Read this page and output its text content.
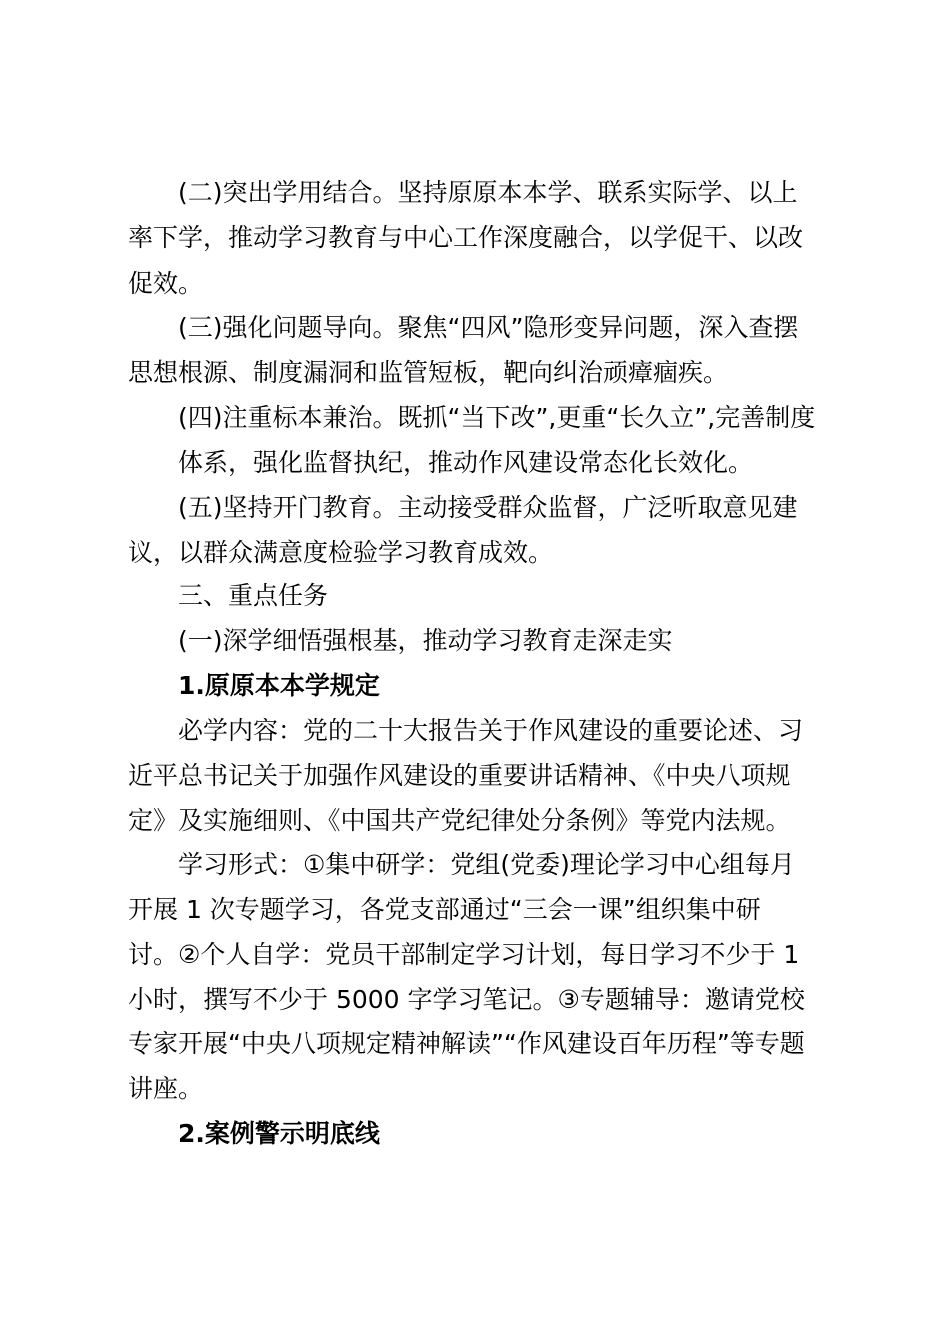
(二)突出学用结合。坚持原原本本学、联系实际学、以上
率下学，推动学习教育与中心工作深度融合，以学促干、以改
促效。
(三)强化问题导向。聚焦“四风”隐形变异问题，深入查摆
思想根源、制度漏洞和监管短板，靶向纠治顽瘴痼疾。
(四)注重标本兼治。既抓“当下改”,更重“长久立”,完善制度
体系，强化监督执纪，推动作风建设常态化长效化。
(五)坚持开门教育。主动接受群众监督，广泛听取意见建
议，以群众满意度检验学习教育成效。
三、重点任务
(一)深学细悟强根基，推动学习教育走深走实
1.原原本本学规定
必学内容：党的二十大报告关于作风建设的重要论述、习
近平总书记关于加强作风建设的重要讲话精神、《中央八项规
定》及实施细则、《中国共产党纪律处分条例》等党内法规。
学习形式：①集中研学：党组(党委)理论学习中心组每月
开展 1 次专题学习，各党支部通过“三会一课”组织集中研
讨。②个人自学：党员干部制定学习计划，每日学习不少于 1
小时，撰写不少于 5000 字学习笔记。③专题辅导：邀请党校
专家开展“中央八项规定精神解读”“作风建设百年历程”等专题
讲座。
2.案例警示明底线
